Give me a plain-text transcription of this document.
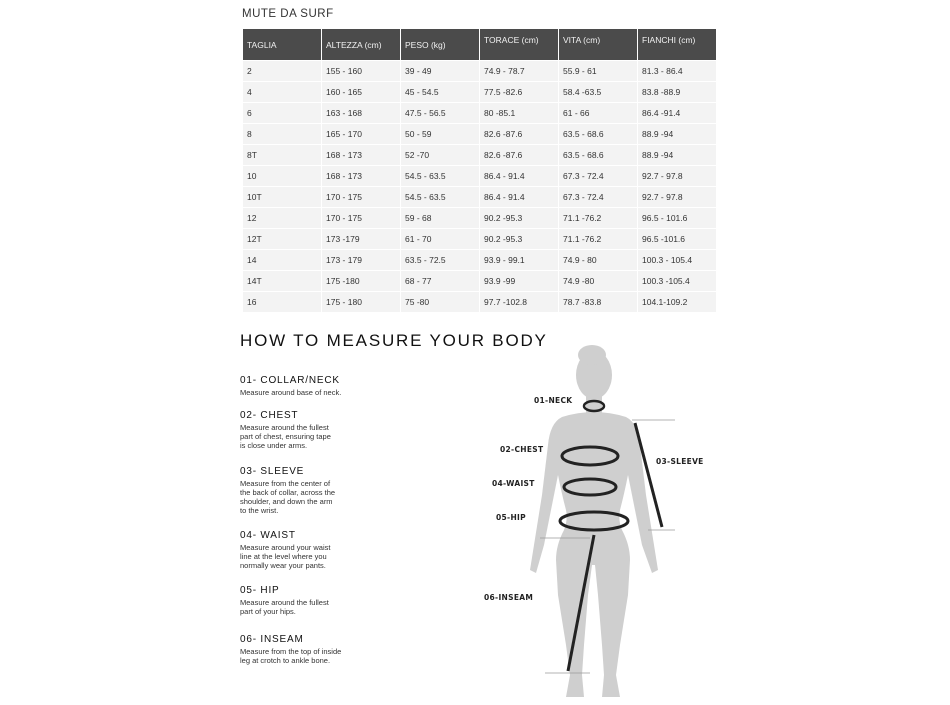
MUTE DA SURF
TAGLIA	ALTEZZA (cm)	PESO (kg)	TORACE (cm)	VITA (cm)	FIANCHI (cm)
2	155 - 160	39 - 49	74.9 - 78.7	55.9 - 61	81.3 - 86.4
4	160 - 165	45 - 54.5	77.5 -82.6	58.4 -63.5	83.8 -88.9
6	163 - 168	47.5 - 56.5	80 -85.1	61 - 66	86.4 -91.4
8	165 - 170	50 - 59	82.6 -87.6	63.5 - 68.6	88.9 -94
8T	168 - 173	52 -70	82.6 -87.6	63.5 - 68.6	88.9 -94
10	168 - 173	54.5 - 63.5	86.4 - 91.4	67.3 - 72.4	92.7 - 97.8
10T	170 - 175	54.5 - 63.5	86.4 - 91.4	67.3 - 72.4	92.7 - 97.8
12	170 - 175	59 - 68	90.2 -95.3	71.1 -76.2	96.5 - 101.6
12T	173 -179	61 - 70	90.2 -95.3	71.1 -76.2	96.5 -101.6
14	173 - 179	63.5 - 72.5	93.9 - 99.1	74.9 - 80	100.3 - 105.4
14T	175 -180	68 - 77	93.9 -99	74.9 -80	100.3 -105.4
16	175 - 180	75 -80	97.7 -102.8	78.7 -83.8	104.1-109.2
HOW TO MEASURE YOUR BODY
01- COLLAR/NECK
Measure around base of neck.
02- CHEST
Measure around the fullest
part of chest, ensuring tape
is close under arms.
03- SLEEVE
Measure from the center of
the back of collar, across the
shoulder, and down the arm
to the wrist.
04- WAIST
Measure around your waist
line at the level where you
normally wear your pants.
05- HIP
Measure around the fullest
part of your hips.
06- INSEAM
Measure from the top of inside
leg at crotch to ankle bone.
01-NECK
02-CHEST
03-SLEEVE
04-WAIST
05-HIP
06-INSEAM
